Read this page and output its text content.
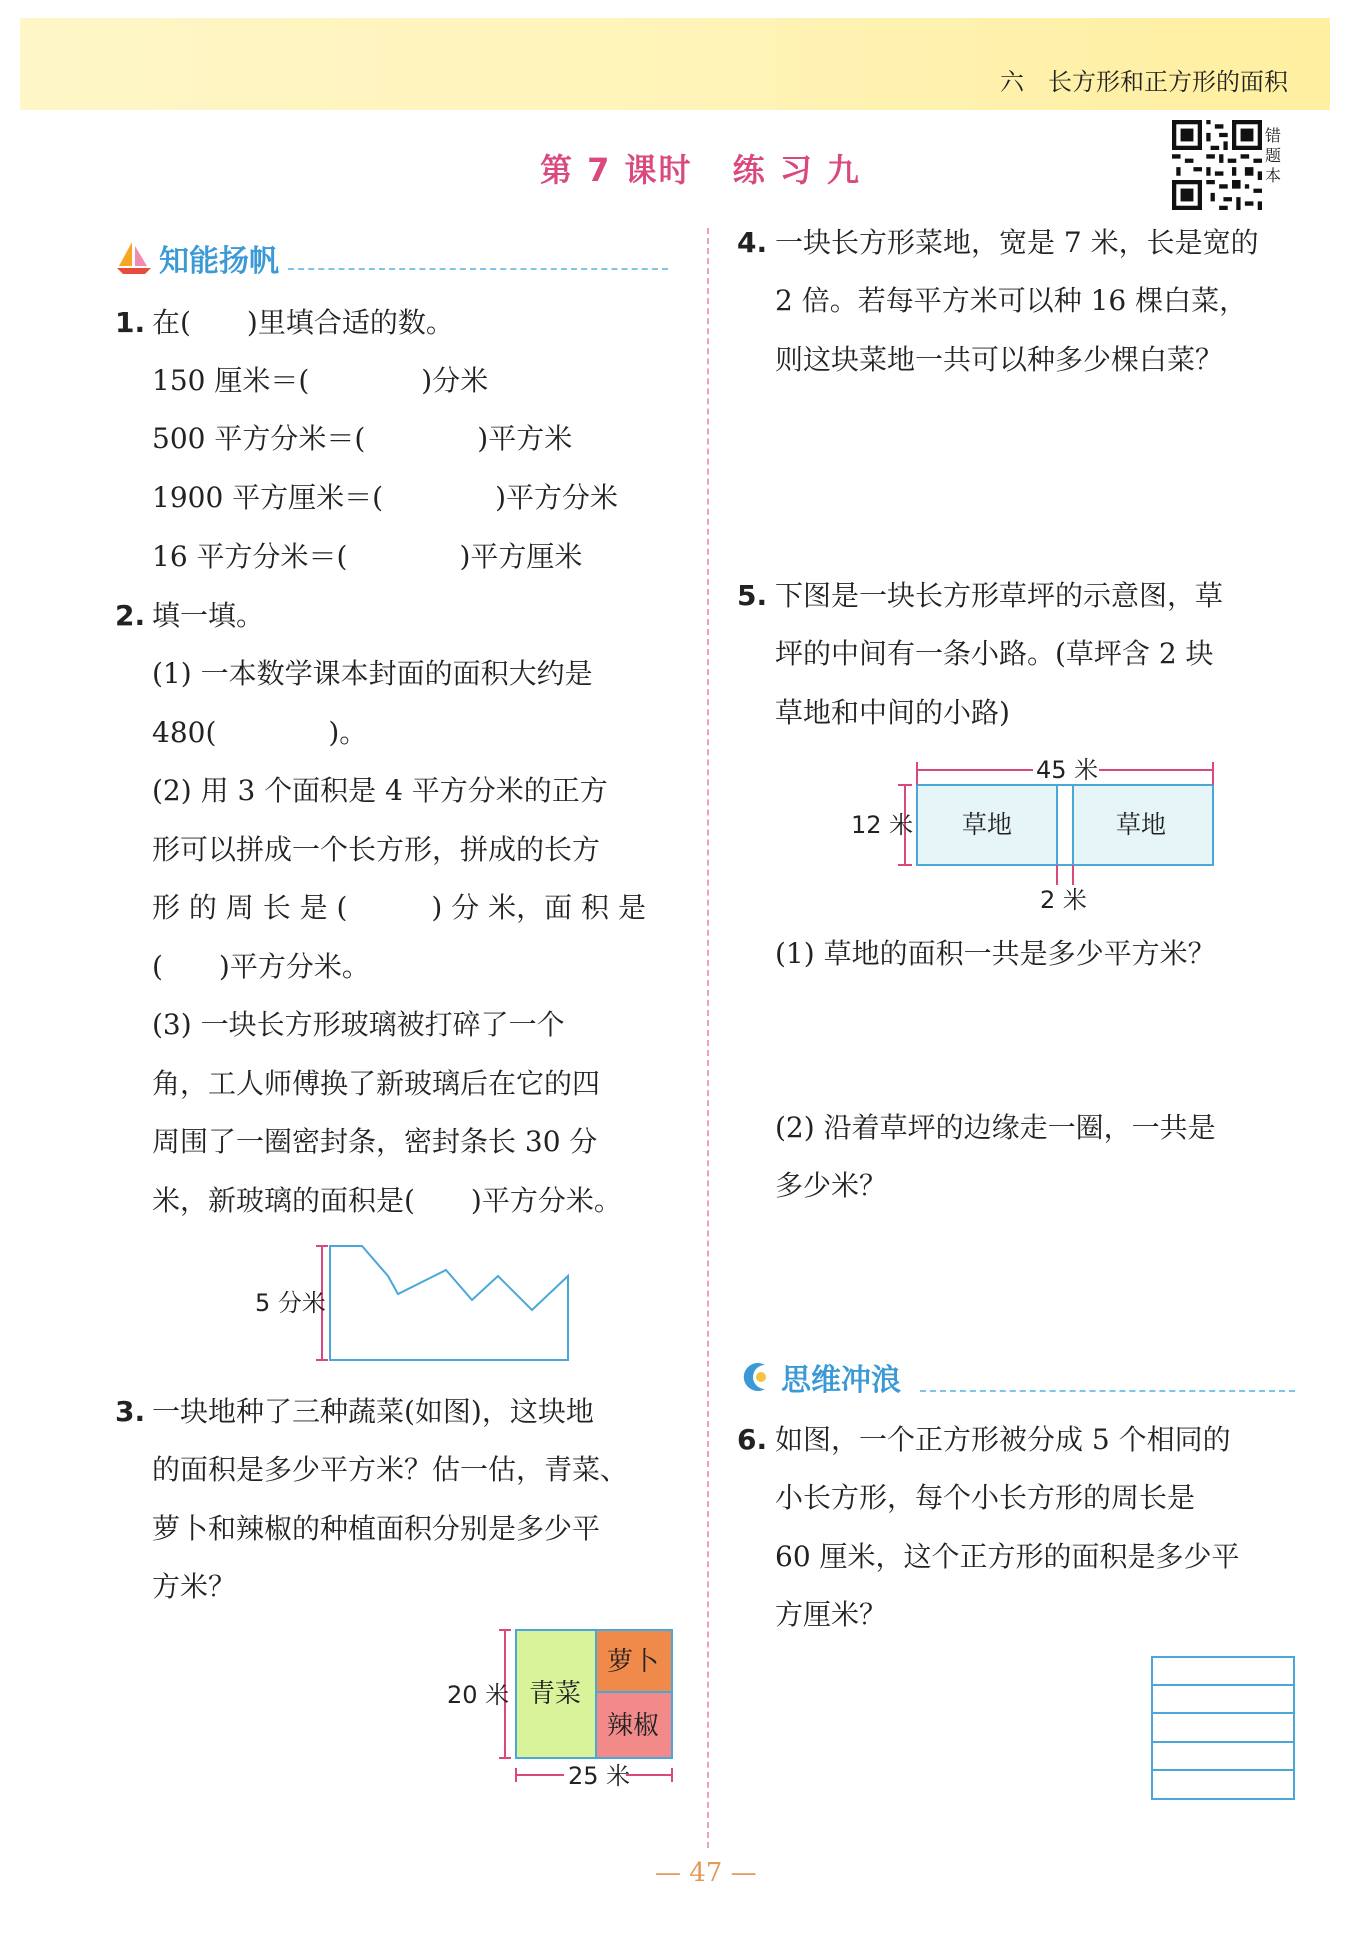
六　长方形和正方形的面积
第 7 课时 练 习 九
错题本
知能扬帆
1. 在(　　)里填合适的数。
150 厘米＝(　　　　)分米
500 平方分米＝(　　　　)平方米
1900 平方厘米＝(　　　　)平方分米
16 平方分米＝(　　　　)平方厘米
2. 填一填。
(1) 一本数学课本封面的面积大约是
480(　　　　)。
(2) 用 3 个面积是 4 平方分米的正方
形可以拼成一个长方形，拼成的长方
形 的 周 长 是 (　　　) 分 米，面 积 是
(　　)平方分米。
(3) 一块长方形玻璃被打碎了一个
角，工人师傅换了新玻璃后在它的四
周围了一圈密封条，密封条长 30 分
米，新玻璃的面积是(　　)平方分米。
5 分米
3. 一块地种了三种蔬菜(如图)，这块地
的面积是多少平方米？估一估，青菜、
萝卜和辣椒的种植面积分别是多少平
方米？
20 米
25 米
青菜
萝卜
辣椒
4. 一块长方形菜地，宽是 7 米，长是宽的
2 倍。若每平方米可以种 16 棵白菜，
则这块菜地一共可以种多少棵白菜？
5. 下图是一块长方形草坪的示意图，草
坪的中间有一条小路。(草坪含 2 块
草地和中间的小路)
45 米
12 米
2 米
草地	草地
(1) 草地的面积一共是多少平方米？
(2) 沿着草坪的边缘走一圈，一共是
多少米？
思维冲浪
6. 如图，一个正方形被分成 5 个相同的
小长方形，每个小长方形的周长是
60 厘米，这个正方形的面积是多少平
方厘米？
— 47 —
